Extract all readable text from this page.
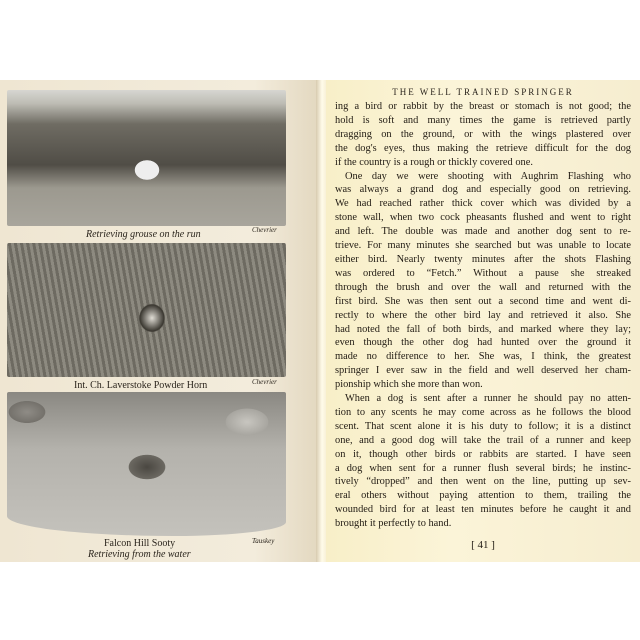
Retrieving grouse on the run	Chevrier
Int. Ch. Laverstoke Powder Horn	Chevrier
Falcon Hill Sooty
Retrieving from the water
Tauskey
THE WELL TRAINED SPRINGER
ing a bird or rabbit by the breast or stomach is not good; the
hold is soft and many times the game is retrieved partly
dragging on the ground, or with the wings plastered over
the dog's eyes, thus making the retrieve difficult for the dog
if the country is a rough or thickly covered one.
One day we were shooting with Aughrim Flashing who
was always a grand dog and especially good on retrieving.
We had reached rather thick cover which was divided by a
stone wall, when two cock pheasants flushed and went to right
and left. The double was made and another dog sent to re-
trieve. For many minutes she searched but was unable to locate
either bird. Nearly twenty minutes after the shots Flashing
was ordered to “Fetch.” Without a pause she streaked
through the brush and over the wall and returned with the
first bird. She was then sent out a second time and went di-
rectly to where the other bird lay and retrieved it also. She
had noted the fall of both birds, and marked where they lay;
even though the other dog had hunted over the ground it
made no difference to her. She was, I think, the greatest
springer I ever saw in the field and well deserved her cham-
pionship which she more than won.
When a dog is sent after a runner he should pay no atten-
tion to any scents he may come across as he follows the blood
scent. That scent alone it is his duty to follow; it is a distinct
one, and a good dog will take the trail of a runner and keep
on it, though other birds or rabbits are started. I have seen
a dog when sent for a runner flush several birds; he instinc-
tively “dropped” and then went on the line, putting up sev-
eral others without paying attention to them, trailing the
wounded bird for at least ten minutes before he caught it and
brought it perfectly to hand.
[ 41 ]
